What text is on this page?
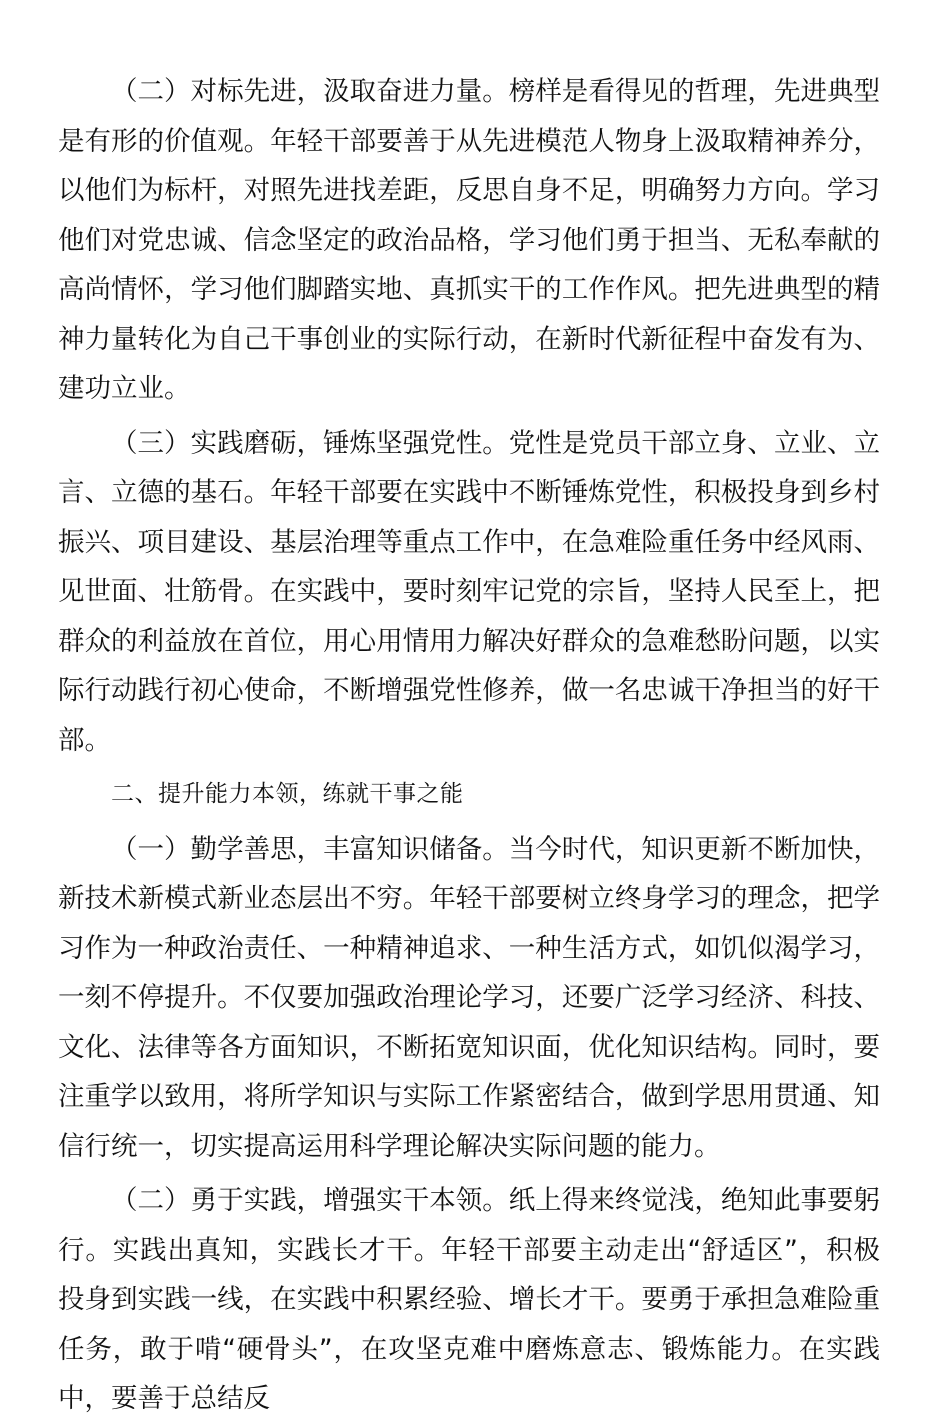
（二）对标先进，汲取奋进力量。榜样是看得见的哲理，先进典型是有形的价值观。年轻干部要善于从先进模范人物身上汲取精神养分，以他们为标杆，对照先进找差距，反思自身不足，明确努力方向。学习他们对党忠诚、信念坚定的政治品格，学习他们勇于担当、无私奉献的高尚情怀，学习他们脚踏实地、真抓实干的工作作风。把先进典型的精神力量转化为自己干事创业的实际行动，在新时代新征程中奋发有为、建功立业。

（三）实践磨砺，锤炼坚强党性。党性是党员干部立身、立业、立言、立德的基石。年轻干部要在实践中不断锤炼党性，积极投身到乡村振兴、项目建设、基层治理等重点工作中，在急难险重任务中经风雨、见世面、壮筋骨。在实践中，要时刻牢记党的宗旨，坚持人民至上，把群众的利益放在首位，用心用情用力解决好群众的急难愁盼问题，以实际行动践行初心使命，不断增强党性修养，做一名忠诚干净担当的好干部。

二、提升能力本领，练就干事之能

（一）勤学善思，丰富知识储备。当今时代，知识更新不断加快，新技术新模式新业态层出不穷。年轻干部要树立终身学习的理念，把学习作为一种政治责任、一种精神追求、一种生活方式，如饥似渴学习，一刻不停提升。不仅要加强政治理论学习，还要广泛学习经济、科技、文化、法律等各方面知识，不断拓宽知识面，优化知识结构。同时，要注重学以致用，将所学知识与实际工作紧密结合，做到学思用贯通、知信行统一，切实提高运用科学理论解决实际问题的能力。

（二）勇于实践，增强实干本领。纸上得来终觉浅，绝知此事要躬行。实践出真知，实践长才干。年轻干部要主动走出“舒适区”，积极投身到实践一线，在实践中积累经验、增长才干。要勇于承担急难险重任务，敢于啃“硬骨头”，在攻坚克难中磨炼意志、锻炼能力。在实践中，要善于总结反
